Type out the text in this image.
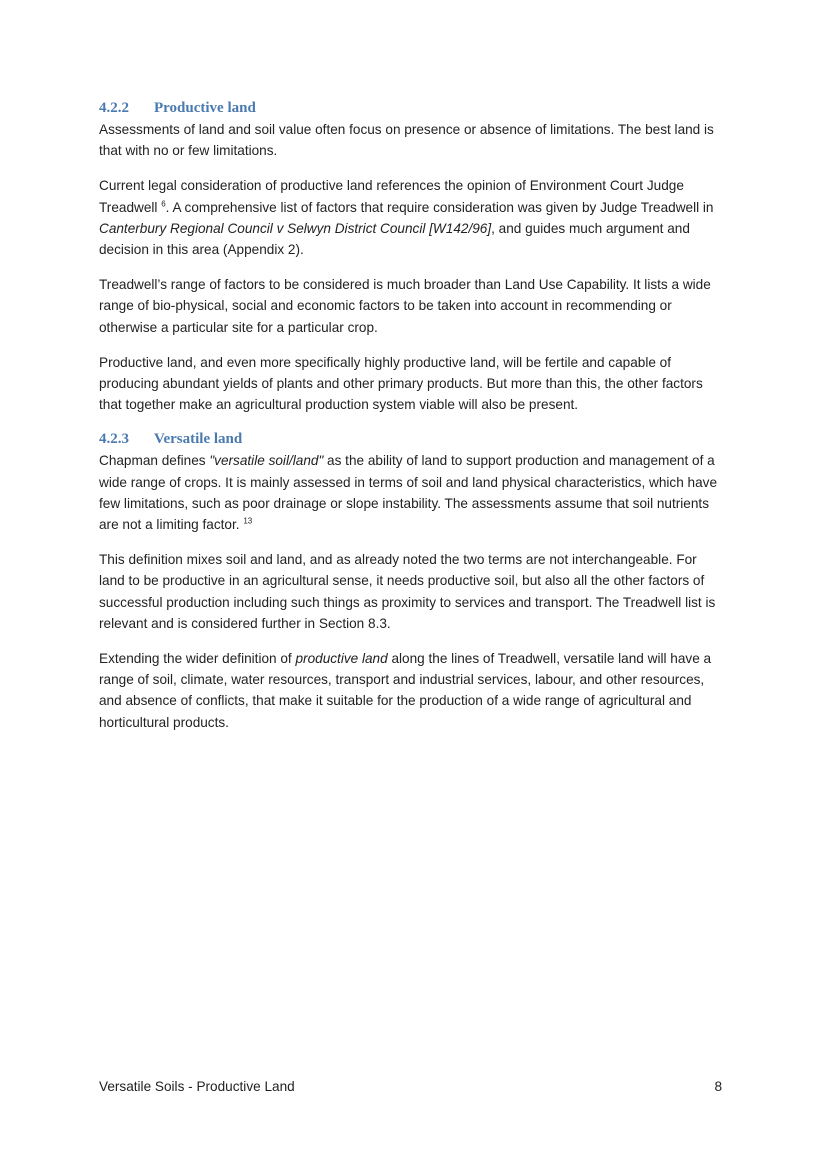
4.2.2 Productive land

Assessments of land and soil value often focus on presence or absence of limitations. The best land is that with no or few limitations.

Current legal consideration of productive land references the opinion of Environment Court Judge Treadwell $^6$. A comprehensive list of factors that require consideration was given by Judge Treadwell in Canterbury Regional Council v Selwyn District Council [W142/96], and guides much argument and decision in this area (Appendix 2).

Treadwell’s range of factors to be considered is much broader than Land Use Capability. It lists a wide range of bio-physical, social and economic factors to be taken into account in recommending or otherwise a particular site for a particular crop.

Productive land, and even more specifically highly productive land, will be fertile and capable of producing abundant yields of plants and other primary products. But more than this, the other factors that together make an agricultural production system viable will also be present.

4.2.3 Versatile land

Chapman defines "versatile soil/land" as the ability of land to support production and management of a wide range of crops. It is mainly assessed in terms of soil and land physical characteristics, which have few limitations, such as poor drainage or slope instability. The assessments assume that soil nutrients are not a limiting factor. $^{13}$

This definition mixes soil and land, and as already noted the two terms are not interchangeable. For land to be productive in an agricultural sense, it needs productive soil, but also all the other factors of successful production including such things as proximity to services and transport. The Treadwell list is relevant and is considered further in Section 8.3.

Extending the wider definition of productive land along the lines of Treadwell, versatile land will have a range of soil, climate, water resources, transport and industrial services, labour, and other resources, and absence of conflicts, that make it suitable for the production of a wide range of agricultural and horticultural products.

Versatile Soils - Productive Land	8
